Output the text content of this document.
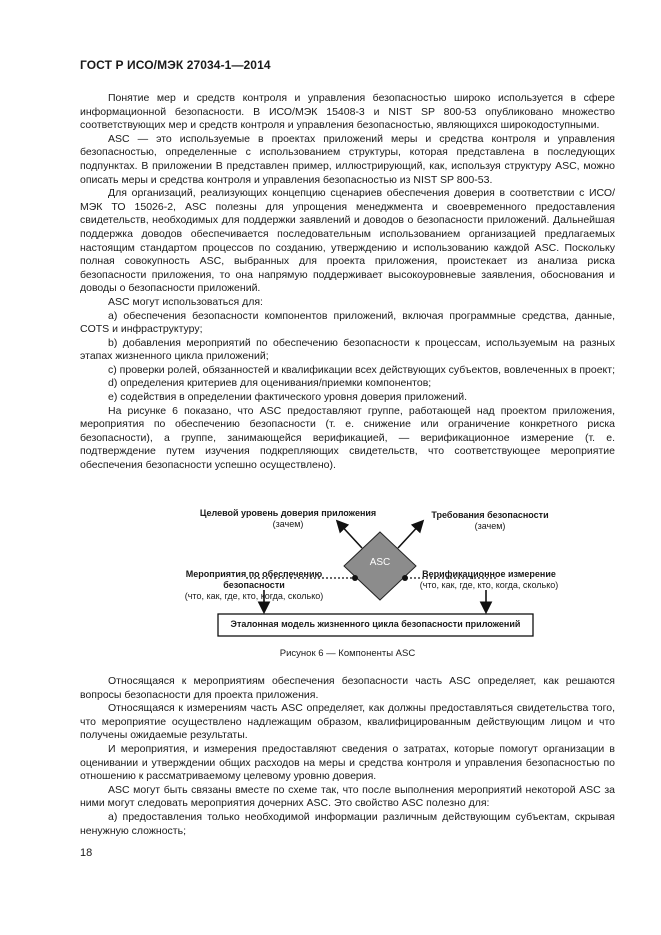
ГОСТ Р ИСО/МЭК 27034-1—2014

Понятие мер и средств контроля и управления безопасностью широко используется в сфере информационной безопасности. В ИСО/МЭК 15408-3 и NIST SP 800-53 опубликовано множество соответствующих мер и средств контроля и управления безопасностью, являющихся широкодоступными.

ASC — это используемые в проектах приложений меры и средства контроля и управления безопасностью, определенные с использованием структуры, которая представлена в последующих подпунктах. В приложении В представлен пример, иллюстрирующий, как, используя структуру ASC, можно описать меры и средства контроля и управления безопасностью из NIST SP 800-53.

Для организаций, реализующих концепцию сценариев обеспечения доверия в соответствии с ИСО/МЭК ТО 15026-2, ASC полезны для упрощения менеджмента и своевременного предоставления свидетельств, необходимых для поддержки заявлений и доводов о безопасности приложений. Дальнейшая поддержка доводов обеспечивается последовательным использованием организацией предлагаемых настоящим стандартом процессов по созданию, утверждению и использованию каждой ASC. Поскольку полная совокупность ASC, выбранных для проекта приложения, проистекает из анализа риска безопасности приложения, то она напрямую поддерживает высокоуровневые заявления, обоснования и доводы о безопасности приложений.

ASC могут использоваться для:

а) обеспечения безопасности компонентов приложений, включая программные средства, данные, COTS и инфраструктуру;

b) добавления мероприятий по обеспечению безопасности к процессам, используемым на разных этапах жизненного цикла приложений;

c) проверки ролей, обязанностей и квалификации всех действующих субъектов, вовлеченных в проект;

d) определения критериев для оценивания/приемки компонентов;

e) содействия в определении фактического уровня доверия приложений.

На рисунке 6 показано, что ASC предоставляют группе, работающей над проектом приложения, мероприятия по обеспечению безопасности (т. е. снижение или ограничение конкретного риска безопасности), а группе, занимающейся верификацией, — верификационное измерение (т. е. подтверждение путем изучения подкрепляющих свидетельств, что соответствующее мероприятие обеспечения безопасности успешно осуществлено).

Целевой уровень доверия приложения
(зачем)
Требования безопасности
(зачем)
ASC
Мероприятия по обеспечению безопасности
(что, как, где, кто, когда, сколько)
Верификационное измерение
(что, как, где, кто, когда, сколько)
Эталонная модель жизненного цикла безопасности приложений
Рисунок 6 — Компоненты ASC

Относящаяся к мероприятиям обеспечения безопасности часть ASC определяет, как решаются вопросы безопасности для проекта приложения.

Относящаяся к измерениям часть ASC определяет, как должны предоставляться свидетельства того, что мероприятие осуществлено надлежащим образом, квалифицированным действующим лицом и что получены ожидаемые результаты.

И мероприятия, и измерения предоставляют сведения о затратах, которые помогут организации в оценивании и утверждении общих расходов на меры и средства контроля и управления безопасностью по отношению к рассматриваемому целевому уровню доверия.

ASC могут быть связаны вместе по схеме так, что после выполнения мероприятий некоторой ASC за ними могут следовать мероприятия дочерних ASC. Это свойство ASC полезно для:

а) предоставления только необходимой информации различным действующим субъектам, скрывая ненужную сложность;

18
